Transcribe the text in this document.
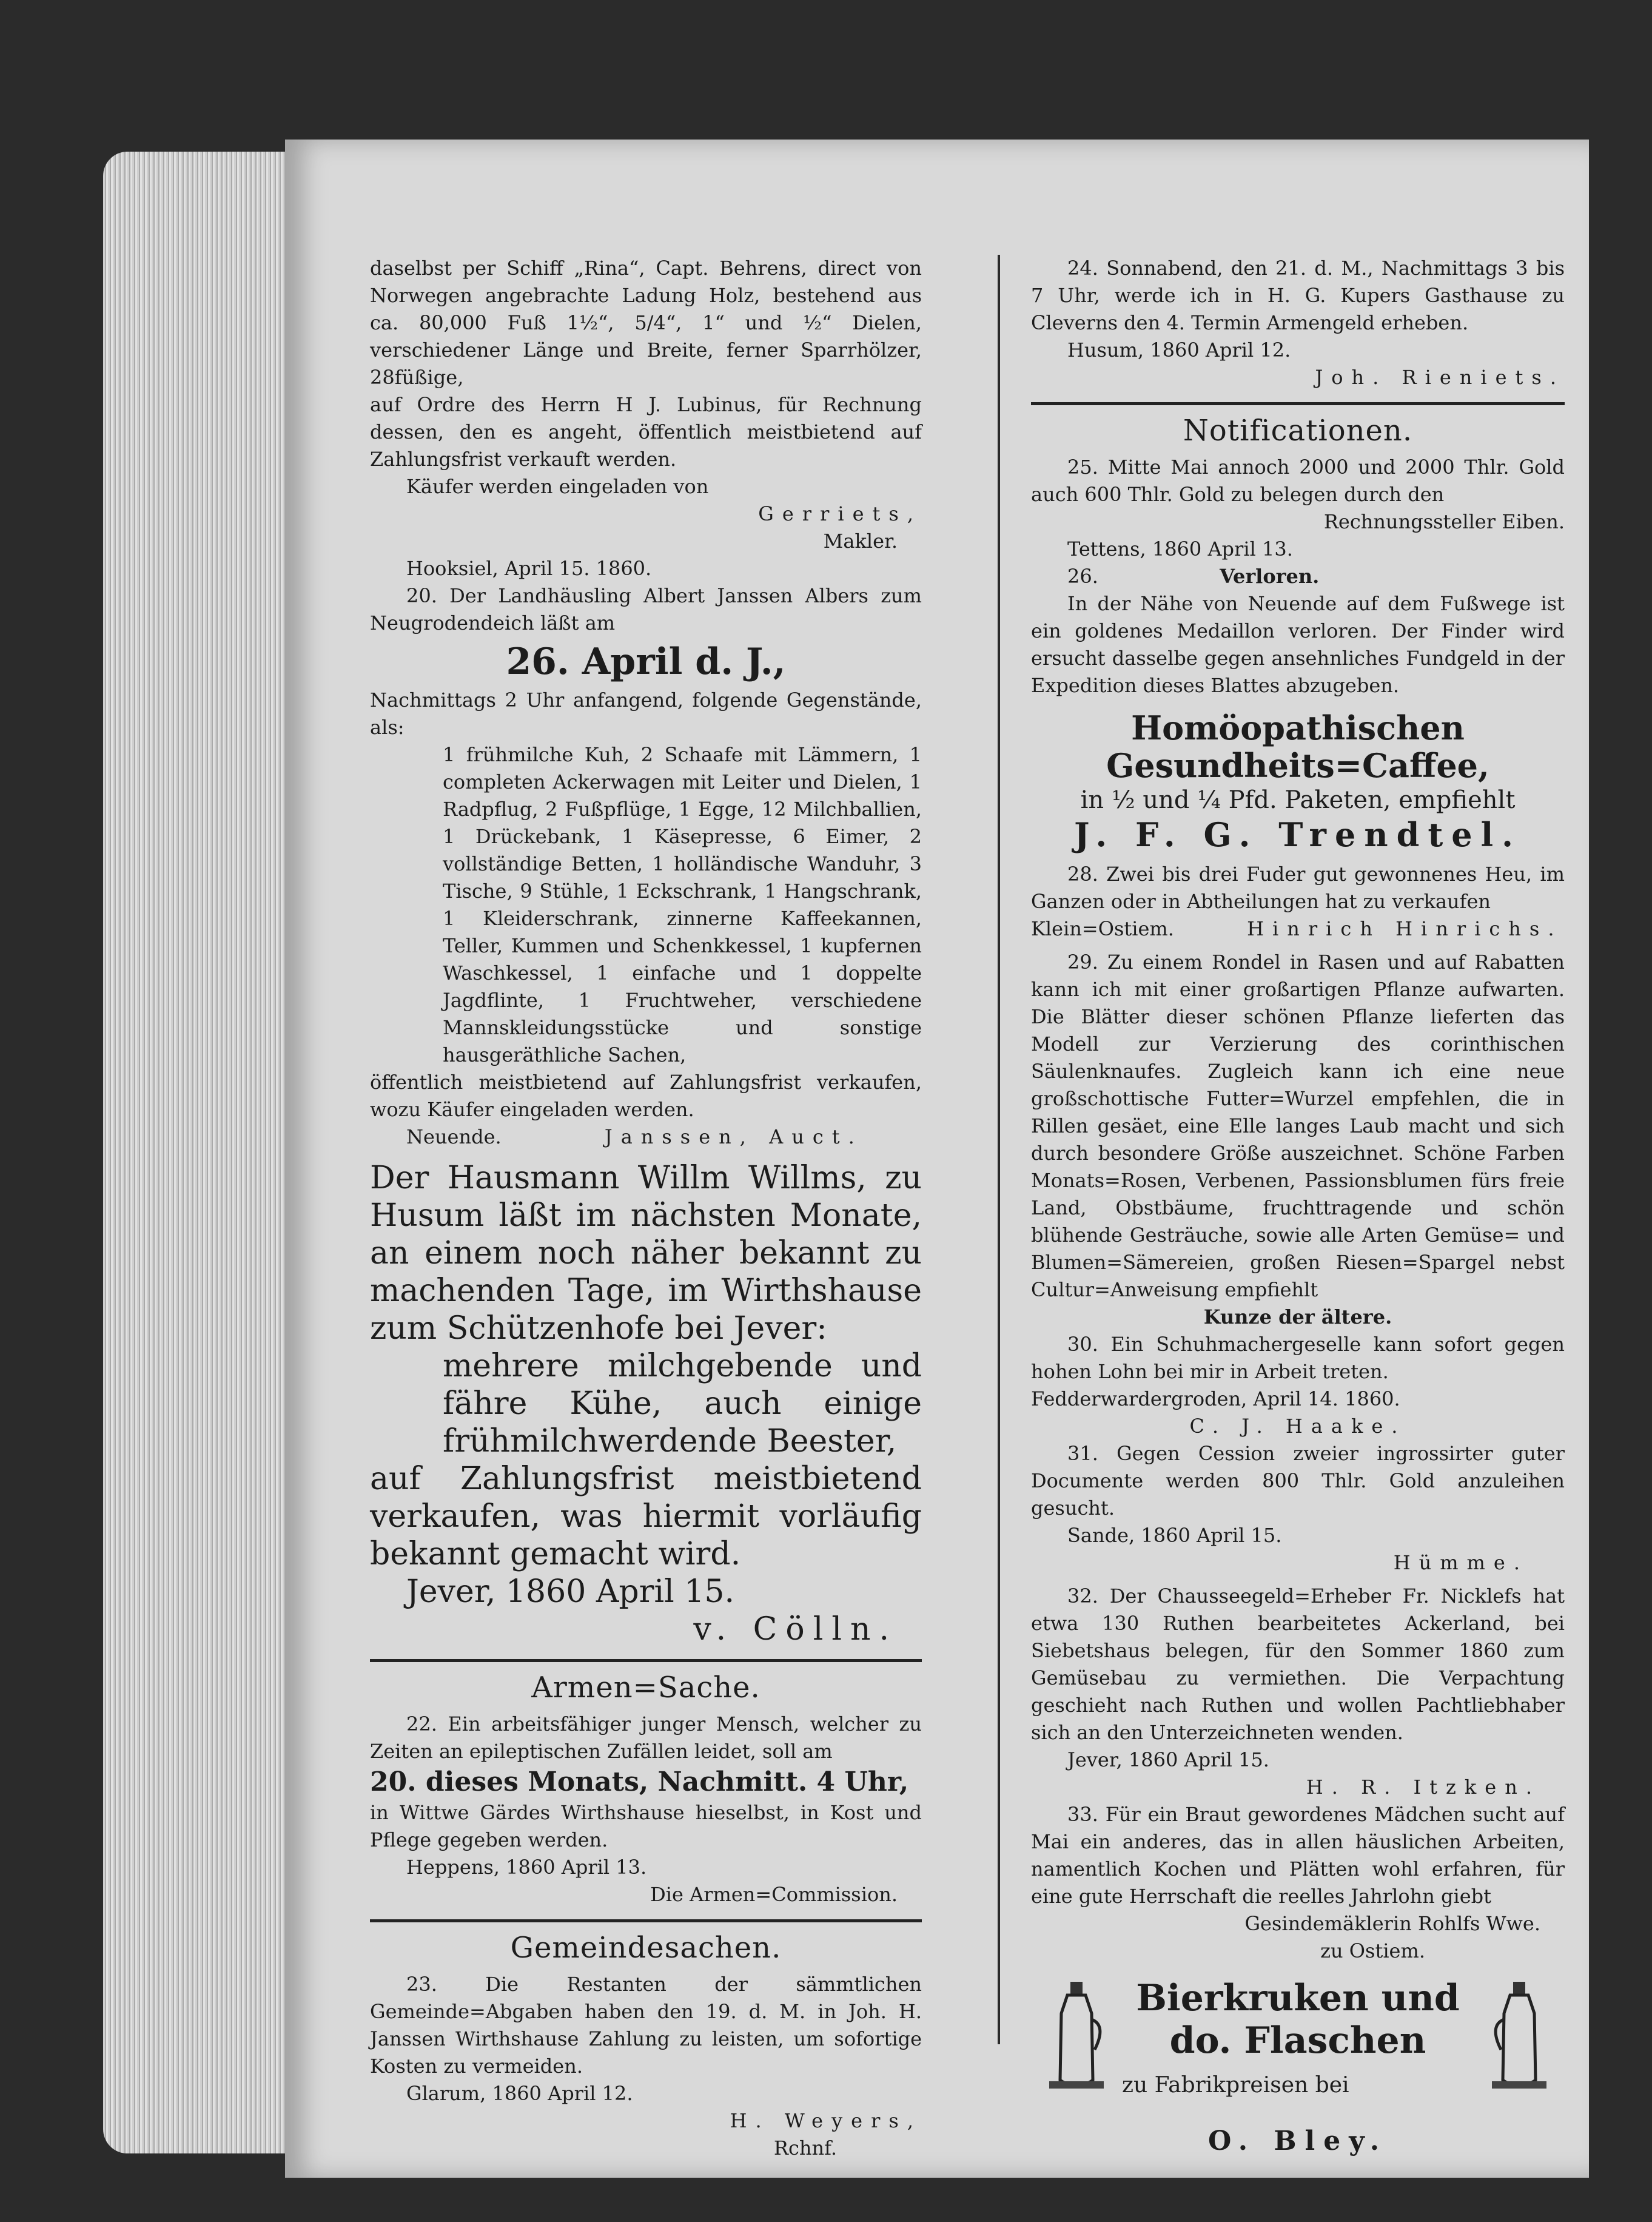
daselbst per Schiff „Rina“, Capt. Behrens, direct von Norwegen angebrachte Ladung Holz, bestehend aus ca. 80,000 Fuß 1½“, 5/4“, 1“ und ½“ Dielen, verschiedener Länge und Breite, ferner Sparrhölzer, 28füßige,

auf Ordre des Herrn H J. Lubinus, für Rechnung dessen, den es angeht, öffentlich meistbietend auf Zahlungsfrist verkauft werden.

Käufer werden eingeladen von

Gerriets,

Makler.

Hooksiel, April 15. 1860.

20. Der Landhäusling Albert Janssen Albers zum Neugrodendeich läßt am

26. April d. J.,

Nachmittags 2 Uhr anfangend, folgende Gegenstände, als:

1 frühmilche Kuh, 2 Schaafe mit Lämmern, 1 completen Ackerwagen mit Leiter und Dielen, 1 Radpflug, 2 Fußpflüge, 1 Egge, 12 Milchballien, 1 Drückebank, 1 Käsepresse, 6 Eimer, 2 vollständige Betten, 1 holländische Wanduhr, 3 Tische, 9 Stühle, 1 Eckschrank, 1 Hangschrank, 1 Kleiderschrank, zinnerne Kaffeekannen, Teller, Kummen und Schenkkessel, 1 kupfernen Waschkessel, 1 einfache und 1 doppelte Jagdflinte, 1 Fruchtweher, verschiedene Mannskleidungsstücke und sonstige hausgeräthliche Sachen,

öffentlich meistbietend auf Zahlungsfrist verkaufen, wozu Käufer eingeladen werden.

Neuende.	Janssen, Auct.

Der Hausmann Willm Willms, zu Husum läßt im nächsten Monate, an einem noch näher bekannt zu machenden Tage, im Wirthshause zum Schützenhofe bei Jever:

mehrere milchgebende und fähre Kühe, auch einige frühmilchwerdende Beester,

auf Zahlungsfrist meistbietend verkaufen, was hiermit vorläufig bekannt gemacht wird.

Jever, 1860 April 15.

v. Cölln.

Armen=Sache.

22. Ein arbeitsfähiger junger Mensch, welcher zu Zeiten an epileptischen Zufällen leidet, soll am

20. dieses Monats, Nachmitt. 4 Uhr,

in Wittwe Gärdes Wirthshause hieselbst, in Kost und Pflege gegeben werden.

Heppens, 1860 April 13.

Die Armen=Commission.

Gemeindesachen.

23. Die Restanten der sämmtlichen Gemeinde=Abgaben haben den 19. d. M. in Joh. H. Janssen Wirthshause Zahlung zu leisten, um sofortige Kosten zu vermeiden.

Glarum, 1860 April 12.

H. Weyers,

Rchnf.

24. Sonnabend, den 21. d. M., Nachmittags 3 bis 7 Uhr, werde ich in H. G. Kupers Gasthause zu Cleverns den 4. Termin Armengeld erheben.

Husum, 1860 April 12.

Joh. Rieniets.

Notificationen.

25. Mitte Mai annoch 2000 und 2000 Thlr. Gold auch 600 Thlr. Gold zu belegen durch den

Rechnungssteller Eiben.

Tettens, 1860 April 13.

26.	Verloren.

In der Nähe von Neuende auf dem Fußwege ist ein goldenes Medaillon verloren. Der Finder wird ersucht dasselbe gegen ansehnliches Fundgeld in der Expedition dieses Blattes abzugeben.

Homöopathischen Gesundheits=Caffee,
in ½ und ¼ Pfd. Paketen, empfiehlt
J. F. G. Trendtel.

28. Zwei bis drei Fuder gut gewonnenes Heu, im Ganzen oder in Abtheilungen hat zu verkaufen

Klein=Ostiem.	Hinrich Hinrichs.

29. Zu einem Rondel in Rasen und auf Rabatten kann ich mit einer großartigen Pflanze aufwarten. Die Blätter dieser schönen Pflanze lieferten das Modell zur Verzierung des corinthischen Säulenknaufes. Zugleich kann ich eine neue großschottische Futter=Wurzel empfehlen, die in Rillen gesäet, eine Elle langes Laub macht und sich durch besondere Größe auszeichnet. Schöne Farben Monats=Rosen, Verbenen, Passionsblumen fürs freie Land, Obstbäume, fruchttragende und schön blühende Gesträuche, sowie alle Arten Gemüse= und Blumen=Sämereien, großen Riesen=Spargel nebst Cultur=Anweisung empfiehlt

Kunze der ältere.

30. Ein Schuhmachergeselle kann sofort gegen hohen Lohn bei mir in Arbeit treten.

Fedderwardergroden, April 14. 1860.

C. J. Haake.

31. Gegen Cession zweier ingrossirter guter Documente werden 800 Thlr. Gold anzuleihen gesucht.

Sande, 1860 April 15.

Hümme.

32. Der Chausseegeld=Erheber Fr. Nicklefs hat etwa 130 Ruthen bearbeitetes Ackerland, bei Siebetshaus belegen, für den Sommer 1860 zum Gemüsebau zu vermiethen. Die Verpachtung geschieht nach Ruthen und wollen Pachtliebhaber sich an den Unterzeichneten wenden.

Jever, 1860 April 15.

H. R. Itzken.

33. Für ein Braut gewordenes Mädchen sucht auf Mai ein anderes, das in allen häuslichen Arbeiten, namentlich Kochen und Plätten wohl erfahren, für eine gute Herrschaft die reelles Jahrlohn giebt

Gesindemäklerin Rohlfs Wwe.

zu Ostiem.

Bierkruken und
do. Flaschen
zu Fabrikpreisen bei

O. Bley.
